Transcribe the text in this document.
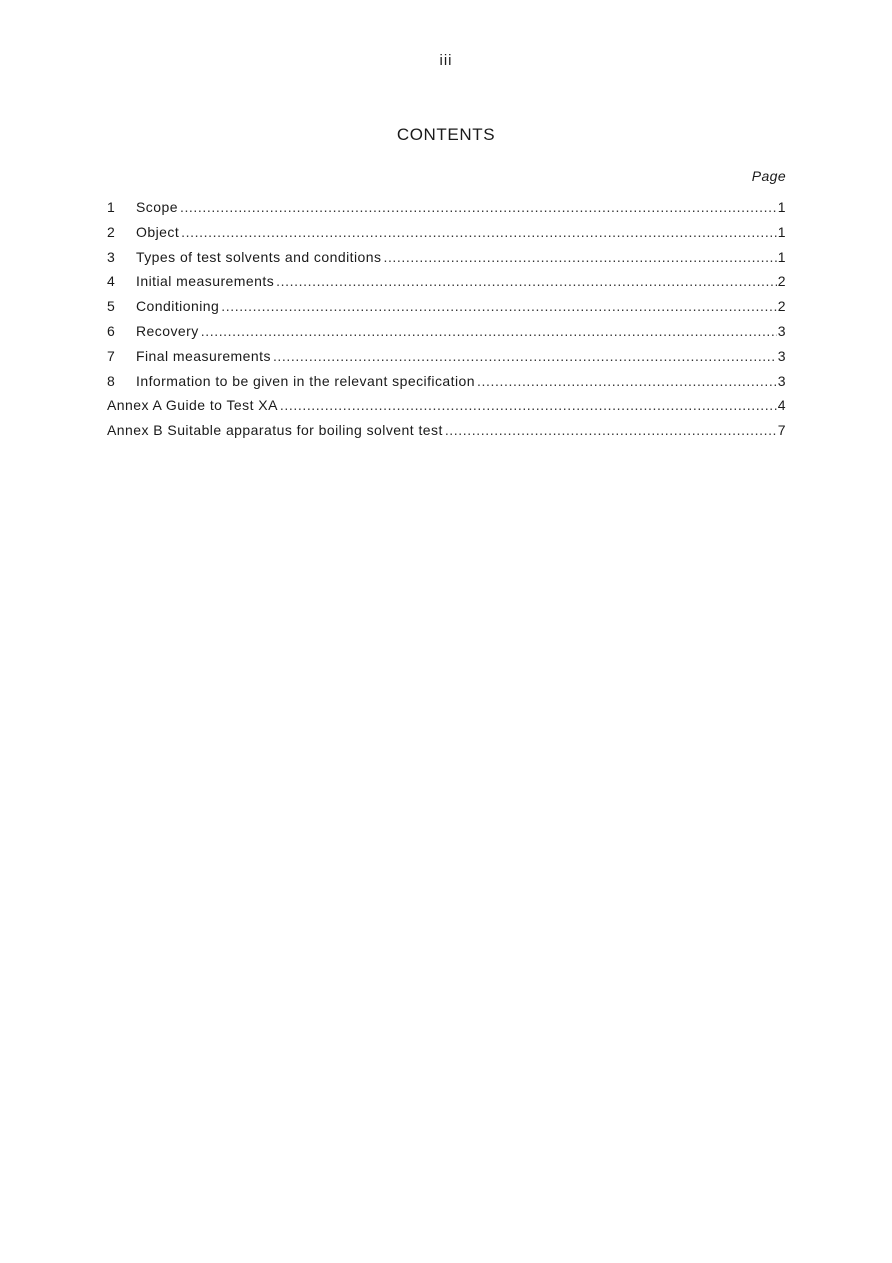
iii
CONTENTS
Page
1	Scope .....	1
2	Object .....	1
3	Types of test solvents and conditions .....	1
4	Initial measurements .....	2
5	Conditioning .....	2
6	Recovery .....	3
7	Final measurements .....	3
8	Information to be given in the relevant specification .....	3
Annex A Guide to Test XA .....	4
Annex B Suitable apparatus for boiling solvent test .....	7
